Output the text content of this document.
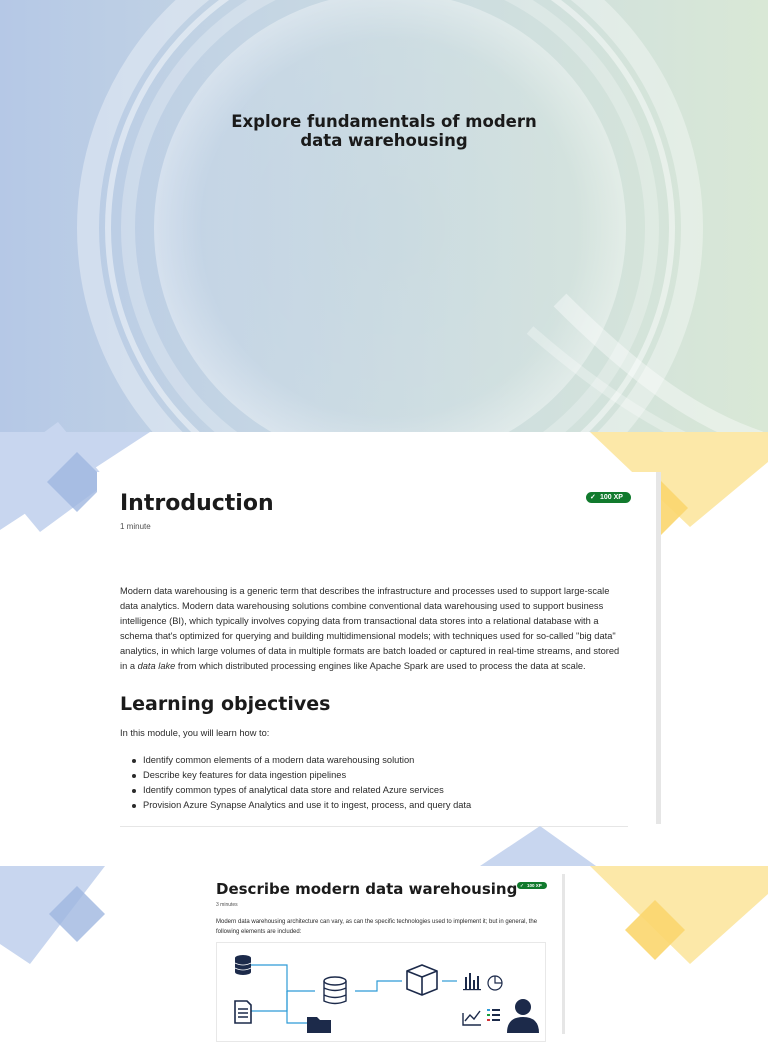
Explore fundamentals of modern
data warehousing
✓ 100 XP
Introduction
1 minute

Modern data warehousing is a generic term that describes the infrastructure and processes used to support large-scale data analytics. Modern data warehousing solutions combine conventional data warehousing used to support business intelligence (BI), which typically involves copying data from transactional data stores into a relational database with a schema that's optimized for querying and building multidimensional models; with techniques used for so-called "big data" analytics, in which large volumes of data in multiple formats are batch loaded or captured in real-time streams, and stored in a data lake from which distributed processing engines like Apache Spark are used to process the data at scale.

Learning objectives

In this module, you will learn how to:

Identify common elements of a modern data warehousing solution
Describe key features for data ingestion pipelines
Identify common types of analytical data store and related Azure services
Provision Azure Synapse Analytics and use it to ingest, process, and query data
✓ 100 XP
Describe modern data warehousing
3 minutes

Modern data warehousing architecture can vary, as can the specific technologies used to implement it; but in general, the following elements are included:
